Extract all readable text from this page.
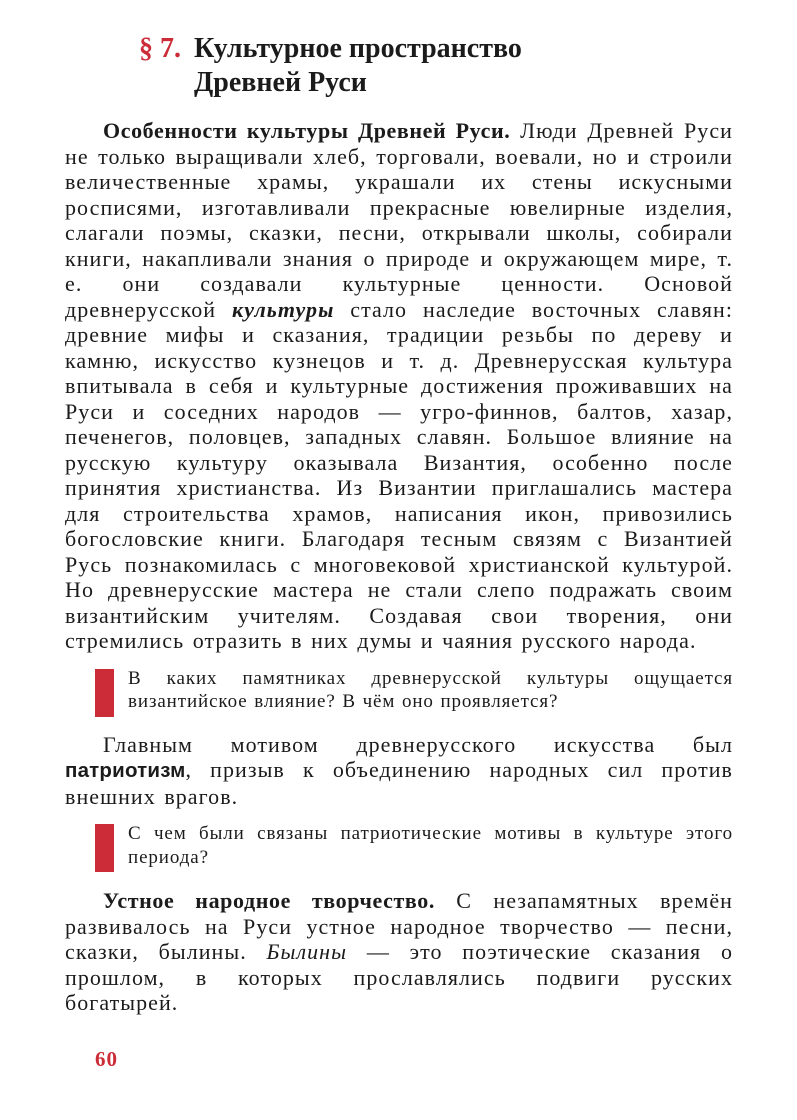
§ 7. Культурное пространство
Древней Руси

Особенности культуры Древней Руси. Люди Древней Руси не только выращивали хлеб, торговали, воевали, но и строили величественные храмы, украшали их стены искусными росписями, изготавливали прекрасные ювелирные изделия, слагали поэмы, сказки, песни, открывали школы, собирали книги, накапливали знания о природе и окружающем мире, т. е. они создавали культурные ценности. Основой древнерусской культуры стало наследие восточных славян: древние мифы и сказания, традиции резьбы по дереву и камню, искусство кузнецов и т. д. Древнерусская культура впитывала в себя и культурные достижения проживавших на Руси и соседних народов — угро-финнов, балтов, хазар, печенегов, половцев, западных славян. Большое влияние на русскую культуру оказывала Византия, особенно после принятия христианства. Из Византии приглашались мастера для строительства храмов, написания икон, привозились богословские книги. Благодаря тесным связям с Византией Русь познакомилась с многовековой христианской культурой. Но древнерусские мастера не стали слепо подражать своим византийским учителям. Создавая свои творения, они стремились отразить в них думы и чаяния русского народа.

В каких памятниках древнерусской культуры ощущается византийское влияние? В чём оно проявляется?

Главным мотивом древнерусского искусства был патриотизм, призыв к объединению народных сил против внешних врагов.

С чем были связаны патриотические мотивы в культуре этого периода?

Устное народное творчество. С незапамятных времён развивалось на Руси устное народное творчество — песни, сказки, былины. Былины — это поэтические сказания о прошлом, в которых прославлялись подвиги русских богатырей.

60
